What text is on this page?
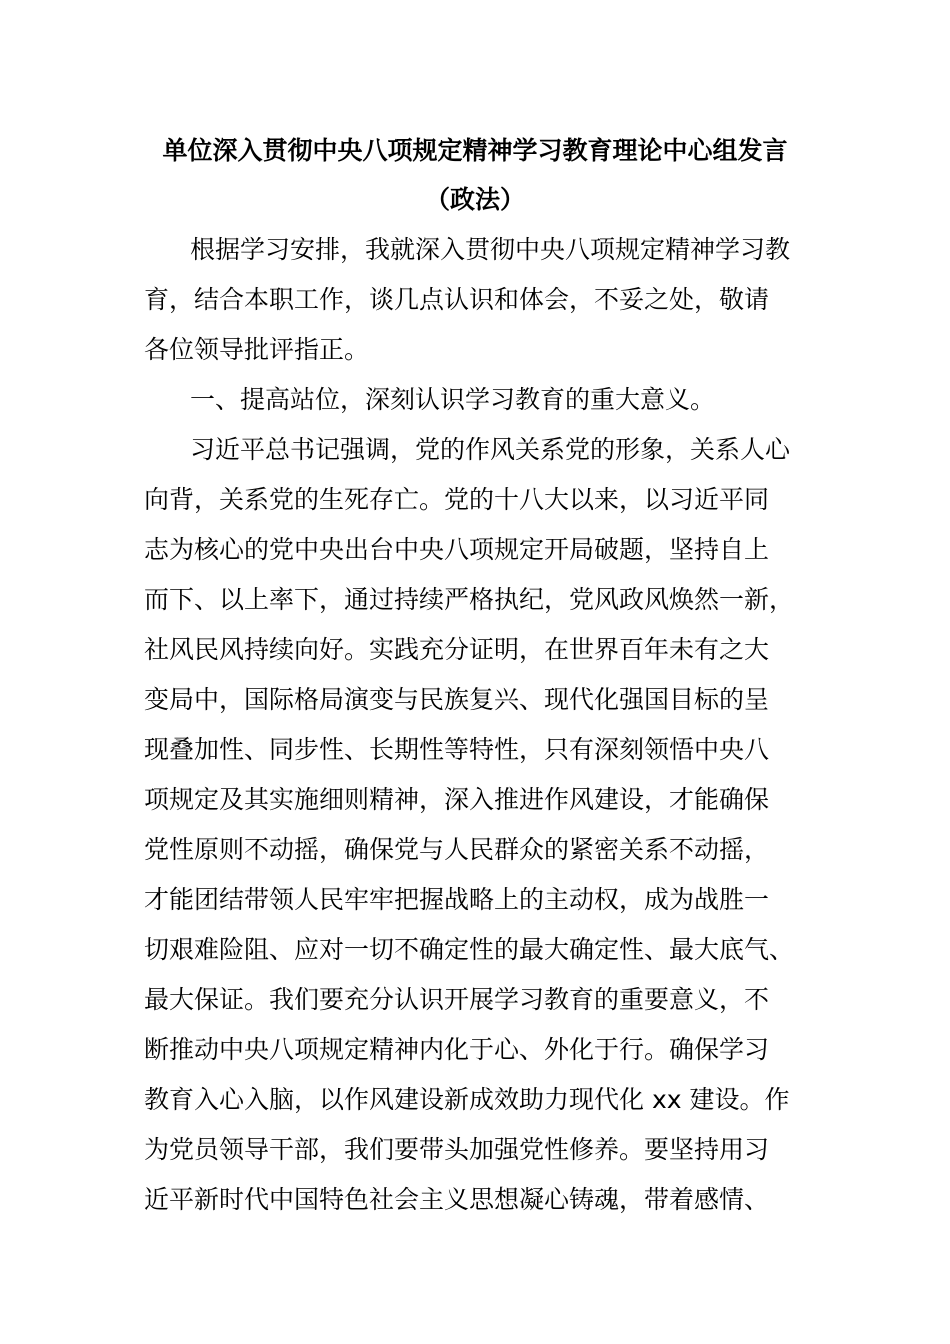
单位深入贯彻中央八项规定精神学习教育理论中心组发言
（政法）
根据学习安排，我就深入贯彻中央八项规定精神学习教
育，结合本职工作，谈几点认识和体会，不妥之处，敬请
各位领导批评指正。
一、提高站位，深刻认识学习教育的重大意义。
习近平总书记强调，党的作风关系党的形象，关系人心
向背，关系党的生死存亡。党的十八大以来，以习近平同
志为核心的党中央出台中央八项规定开局破题，坚持自上
而下、以上率下，通过持续严格执纪，党风政风焕然一新，
社风民风持续向好。实践充分证明，在世界百年未有之大
变局中，国际格局演变与民族复兴、现代化强国目标的呈
现叠加性、同步性、长期性等特性，只有深刻领悟中央八
项规定及其实施细则精神，深入推进作风建设，才能确保
党性原则不动摇，确保党与人民群众的紧密关系不动摇，
才能团结带领人民牢牢把握战略上的主动权，成为战胜一
切艰难险阻、应对一切不确定性的最大确定性、最大底气、
最大保证。我们要充分认识开展学习教育的重要意义，不
断推动中央八项规定精神内化于心、外化于行。确保学习
教育入心入脑，以作风建设新成效助力现代化 xx 建设。作
为党员领导干部，我们要带头加强党性修养。要坚持用习
近平新时代中国特色社会主义思想凝心铸魂，带着感情、
